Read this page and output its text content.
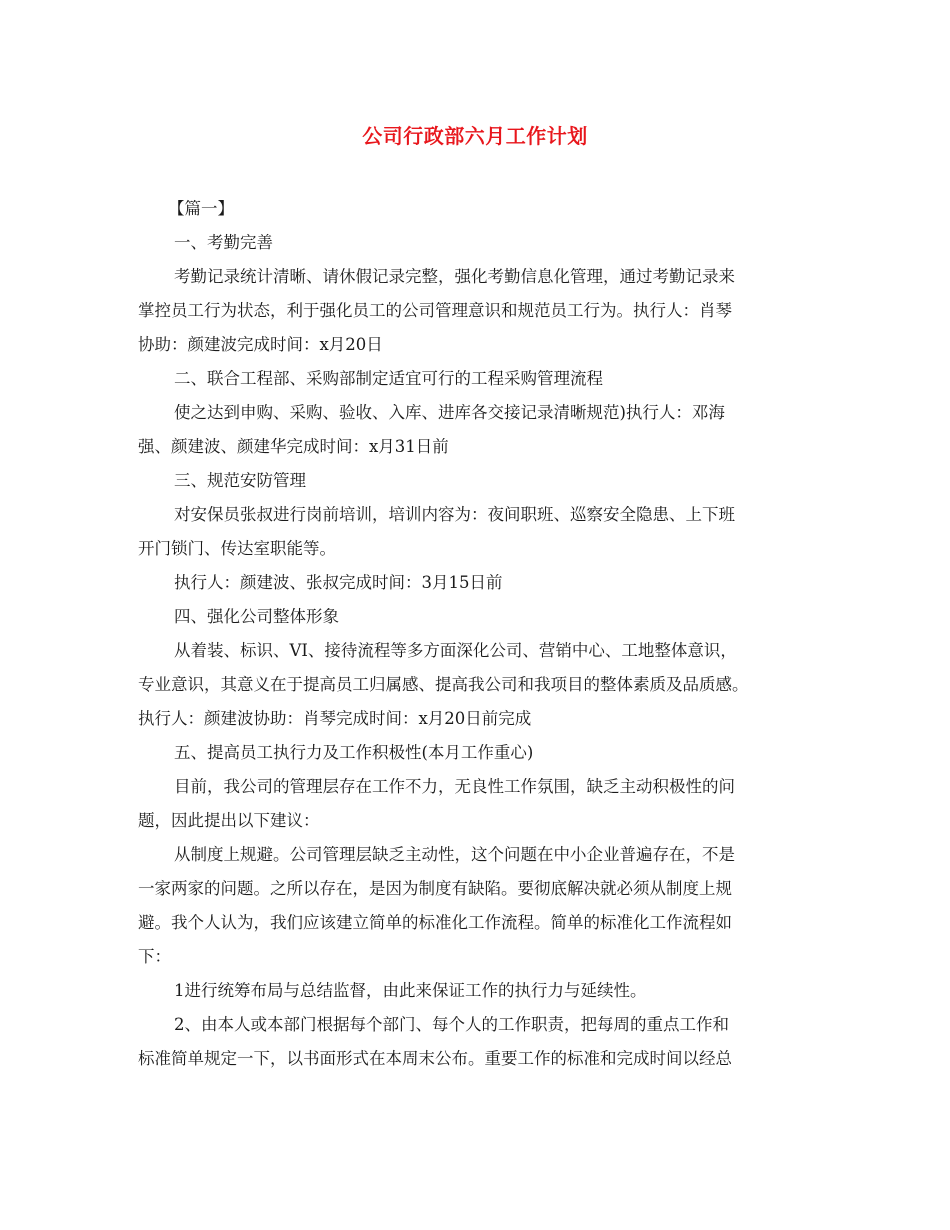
公司行政部六月工作计划
【篇一】
一、考勤完善
考勤记录统计清晰、请休假记录完整，强化考勤信息化管理，通过考勤记录来
掌控员工行为状态，利于强化员工的公司管理意识和规范员工行为。执行人：肖琴
协助：颜建波完成时间：x月20日
二、联合工程部、采购部制定适宜可行的工程采购管理流程
使之达到申购、采购、验收、入库、进库各交接记录清晰规范)执行人：邓海
强、颜建波、颜建华完成时间：x月31日前
三、规范安防管理
对安保员张叔进行岗前培训，培训内容为：夜间职班、巡察安全隐患、上下班
开门锁门、传达室职能等。
执行人：颜建波、张叔完成时间：3月15日前
四、强化公司整体形象
从着装、标识、VI、接待流程等多方面深化公司、营销中心、工地整体意识，
专业意识，其意义在于提高员工归属感、提高我公司和我项目的整体素质及品质感。
执行人：颜建波协助：肖琴完成时间：x月20日前完成
五、提高员工执行力及工作积极性(本月工作重心)
目前，我公司的管理层存在工作不力，无良性工作氛围，缺乏主动积极性的问
题，因此提出以下建议：
从制度上规避。公司管理层缺乏主动性，这个问题在中小企业普遍存在，不是
一家两家的问题。之所以存在，是因为制度有缺陷。要彻底解决就必须从制度上规
避。我个人认为，我们应该建立简单的标准化工作流程。简单的标准化工作流程如
下：
1进行统筹布局与总结监督，由此来保证工作的执行力与延续性。
2、由本人或本部门根据每个部门、每个人的工作职责，把每周的重点工作和
标准简单规定一下，以书面形式在本周末公布。重要工作的标准和完成时间以经总
